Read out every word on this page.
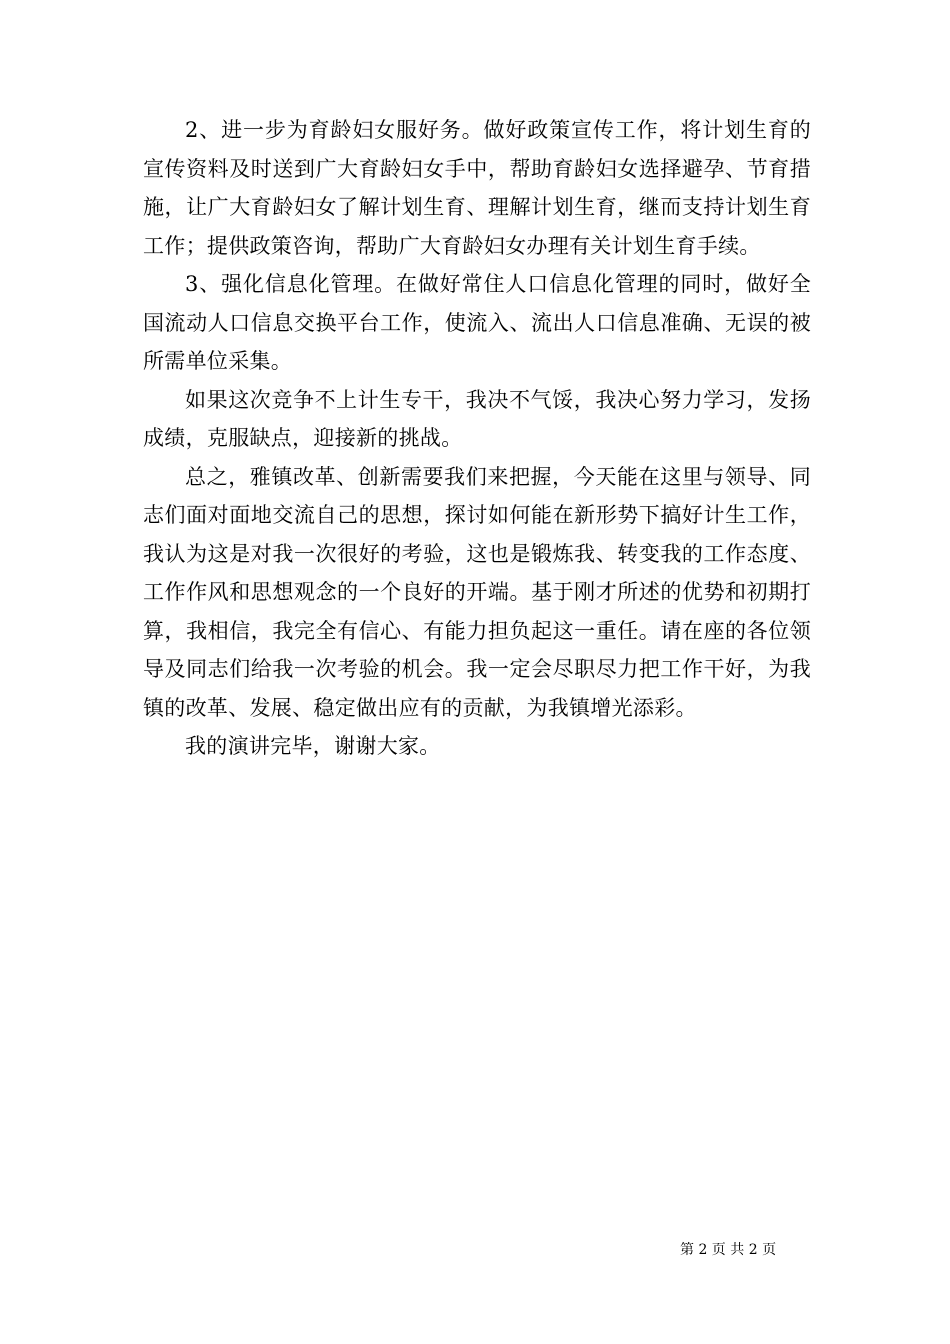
2、进一步为育龄妇女服好务。做好政策宣传工作，将计划生育的宣传资料及时送到广大育龄妇女手中，帮助育龄妇女选择避孕、节育措施，让广大育龄妇女了解计划生育、理解计划生育，继而支持计划生育工作；提供政策咨询，帮助广大育龄妇女办理有关计划生育手续。

3、强化信息化管理。在做好常住人口信息化管理的同时，做好全国流动人口信息交换平台工作，使流入、流出人口信息准确、无误的被所需单位采集。

如果这次竞争不上计生专干，我决不气馁，我决心努力学习，发扬成绩，克服缺点，迎接新的挑战。

总之，雅镇改革、创新需要我们来把握，今天能在这里与领导、同志们面对面地交流自己的思想，探讨如何能在新形势下搞好计生工作，我认为这是对我一次很好的考验，这也是锻炼我、转变我的工作态度、工作作风和思想观念的一个良好的开端。基于刚才所述的优势和初期打算，我相信，我完全有信心、有能力担负起这一重任。请在座的各位领导及同志们给我一次考验的机会。我一定会尽职尽力把工作干好，为我镇的改革、发展、稳定做出应有的贡献，为我镇增光添彩。

我的演讲完毕，谢谢大家。

第 2 页 共 2 页
